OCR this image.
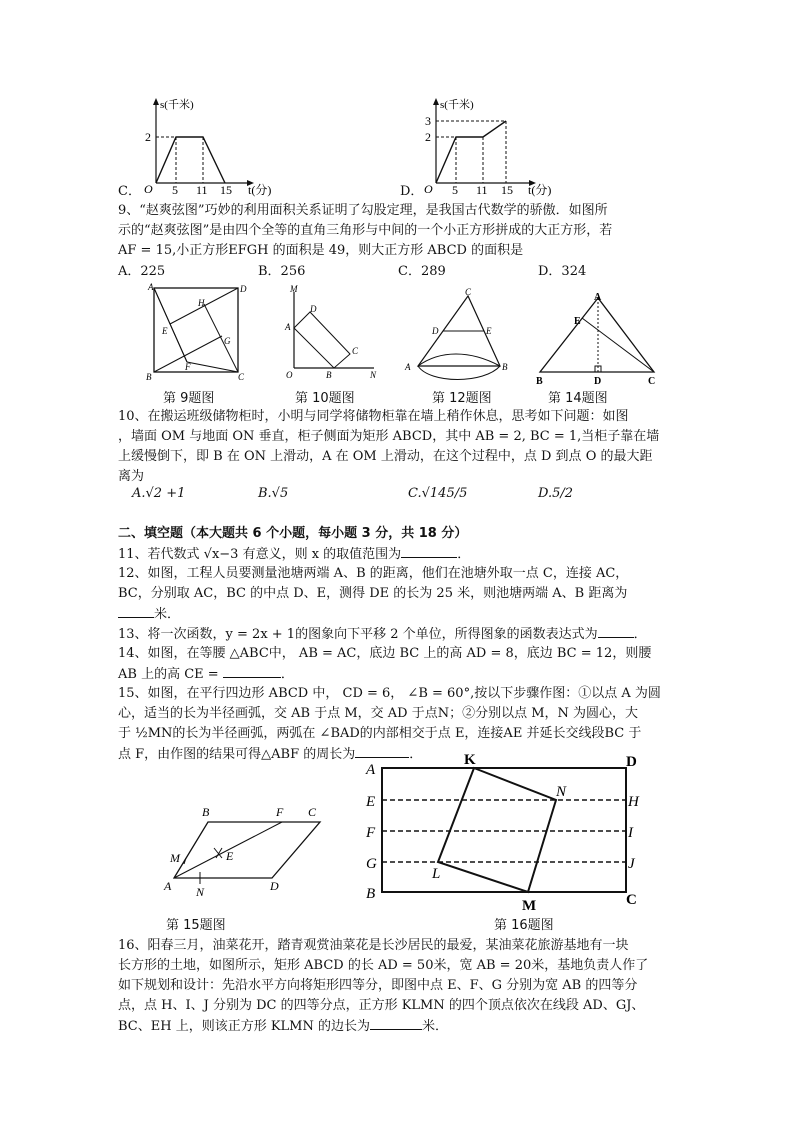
C．
s(千米)
2
O 5 11 15 t(分)	D．
s(千米)
3
2
O 5 11 15 t(分)
9、“赵爽弦图”巧妙的利用面积关系证明了勾股定理，是我国古代数学的骄傲．如图所
示的“赵爽弦图”是由四个全等的直角三角形与中间的一个小正方形拼成的大正方形，若
AF = 15,小正方形EFGH 的面积是 49，则大正方形 ABCD 的面积是
A．225	B．256	C．289	D．324
A	D
H
E
G
F
B	C
第 9题图
M
D
A
C
O	B	N
第 10题图
C
D	E
A	B
第 12题图
A
E
B	D	C
第 14题图
10、在搬运班级储物柜时，小明与同学将储物柜靠在墙上稍作休息，思考如下问题：如图
，墙面 OM 与地面 ON 垂直，柜子侧面为矩形 ABCD，其中 AB = 2, BC = 1,当柜子靠在墙
上缓慢倒下，即 B 在 ON 上滑动，A 在 OM 上滑动，在这个过程中，点 D 到点 O 的最大距
离为
A.√2 +1	B.√5	C.√145/5	D.5/2
二、填空题（本大题共 6 个小题，每小题 3 分，共 18 分）
11、若代数式 √x−3 有意义，则 x 的取值范围为	．
12、如图，工程人员要测量池塘两端 A、B 的距离，他们在池塘外取一点 C，连接 AC，
BC，分别取 AC，BC 的中点 D、E，测得 DE 的长为 25 米，则池塘两端 A、B 距离为
米．
13、将一次函数，y = 2x + 1的图象向下平移 2 个单位，所得图象的函数表达式为	．
14、如图，在等腰 △ABC中， AB = AC，底边 BC 上的高 AD = 8，底边 BC = 12，则腰
AB 上的高 CE =	．
15、如图，在平行四边形 ABCD 中， CD = 6， ∠B = 60°,按以下步骤作图：①以点 A 为圆
心，适当的长为半径画弧，交 AB 于点 M，交 AD 于点N；②分别以点 M，N 为圆心，大
于 ½MN的长为半径画弧，两弧在 ∠BAD的内部相交于点 E，连接AE 并延长交线段BC 于
点 F，由作图的结果可得△ABF 的周长为	．
B	F C
M	E
A N	D
第 15题图
A
K	D
E
N
H
F	I
G
L
J
B
M	C
第 16题图
16、阳春三月，油菜花开，踏青观赏油菜花是长沙居民的最爱，某油菜花旅游基地有一块
长方形的土地，如图所示，矩形 ABCD 的长 AD = 50米，宽 AB = 20米，基地负责人作了
如下规划和设计：先沿水平方向将矩形四等分，即图中点 E、F、G 分别为宽 AB 的四等分
点，点 H、I、J 分别为 DC 的四等分点，正方形 KLMN 的四个顶点依次在线段 AD、GJ、
BC、EH 上，则该正方形 KLMN 的边长为	米．
